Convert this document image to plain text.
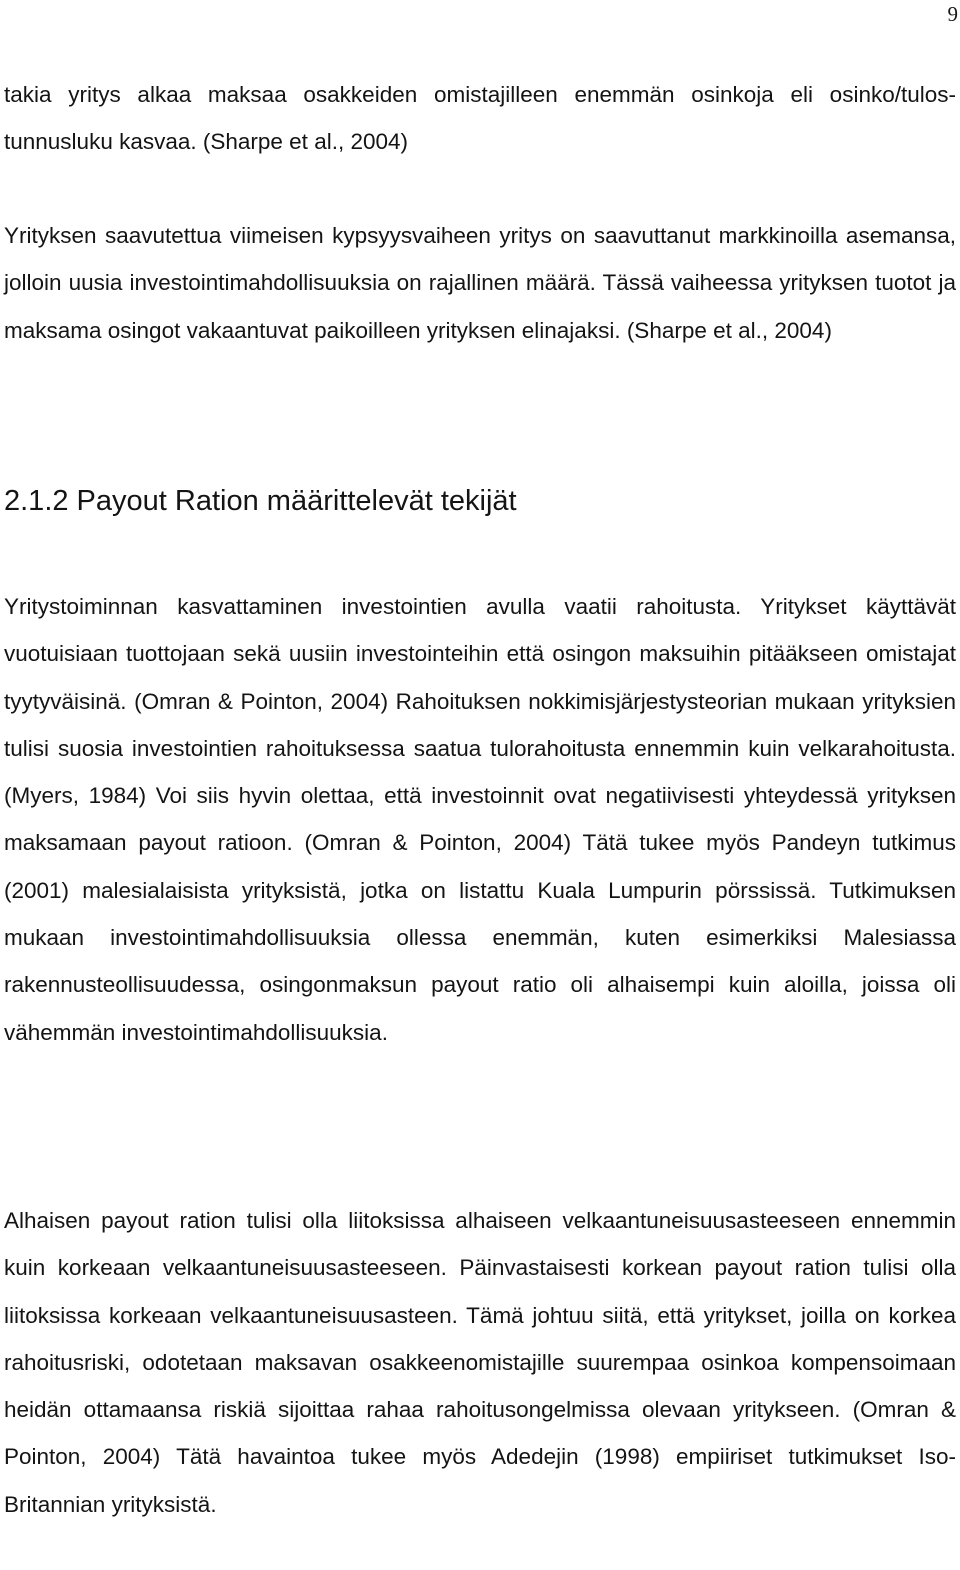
9

takia yritys alkaa maksaa osakkeiden omistajilleen enemmän osinkoja eli osinko/tulos- tunnusluku kasvaa. (Sharpe et al., 2004)

Yrityksen saavutettua viimeisen kypsyysvaiheen yritys on saavuttanut markkinoilla asemansa, jolloin uusia investointimahdollisuuksia on rajallinen määrä. Tässä vaiheessa yrityksen tuotot ja maksama osingot vakaantuvat paikoilleen yrityksen elinajaksi. (Sharpe et al., 2004)

2.1.2 Payout Ration määrittelevät tekijät

Yritystoiminnan kasvattaminen investointien avulla vaatii rahoitusta. Yritykset käyttävät vuotuisiaan tuottojaan sekä uusiin investointeihin että osingon maksuihin pitääkseen omistajat tyytyväisinä. (Omran & Pointon, 2004) Rahoituksen nokkimisjärjestysteorian mukaan yrityksien tulisi suosia investointien rahoituksessa saatua tulorahoitusta ennemmin kuin velkarahoitusta. (Myers, 1984) Voi siis hyvin olettaa, että investoinnit ovat negatiivisesti yhteydessä yrityksen maksamaan payout ratioon. (Omran & Pointon, 2004) Tätä tukee myös Pandeyn tutkimus (2001) malesialaisista yrityksistä, jotka on listattu Kuala Lumpurin pörssissä. Tutkimuksen mukaan investointimahdollisuuksia ollessa enemmän, kuten esimerkiksi Malesiassa rakennusteollisuudessa, osingonmaksun payout ratio oli alhaisempi kuin aloilla, joissa oli vähemmän investointimahdollisuuksia.

Alhaisen payout ration tulisi olla liitoksissa alhaiseen velkaantuneisuusasteeseen ennemmin kuin korkeaan velkaantuneisuusasteeseen. Päinvastaisesti korkean payout ration tulisi olla liitoksissa korkeaan velkaantuneisuusasteen. Tämä johtuu siitä, että yritykset, joilla on korkea rahoitusriski, odotetaan maksavan osakkeenomistajille suurempaa osinkoa kompensoimaan heidän ottamaansa riskiä sijoittaa rahaa rahoitusongelmissa olevaan yritykseen. (Omran & Pointon, 2004) Tätä havaintoa tukee myös Adedejin (1998) empiiriset tutkimukset Iso-Britannian yrityksistä.
